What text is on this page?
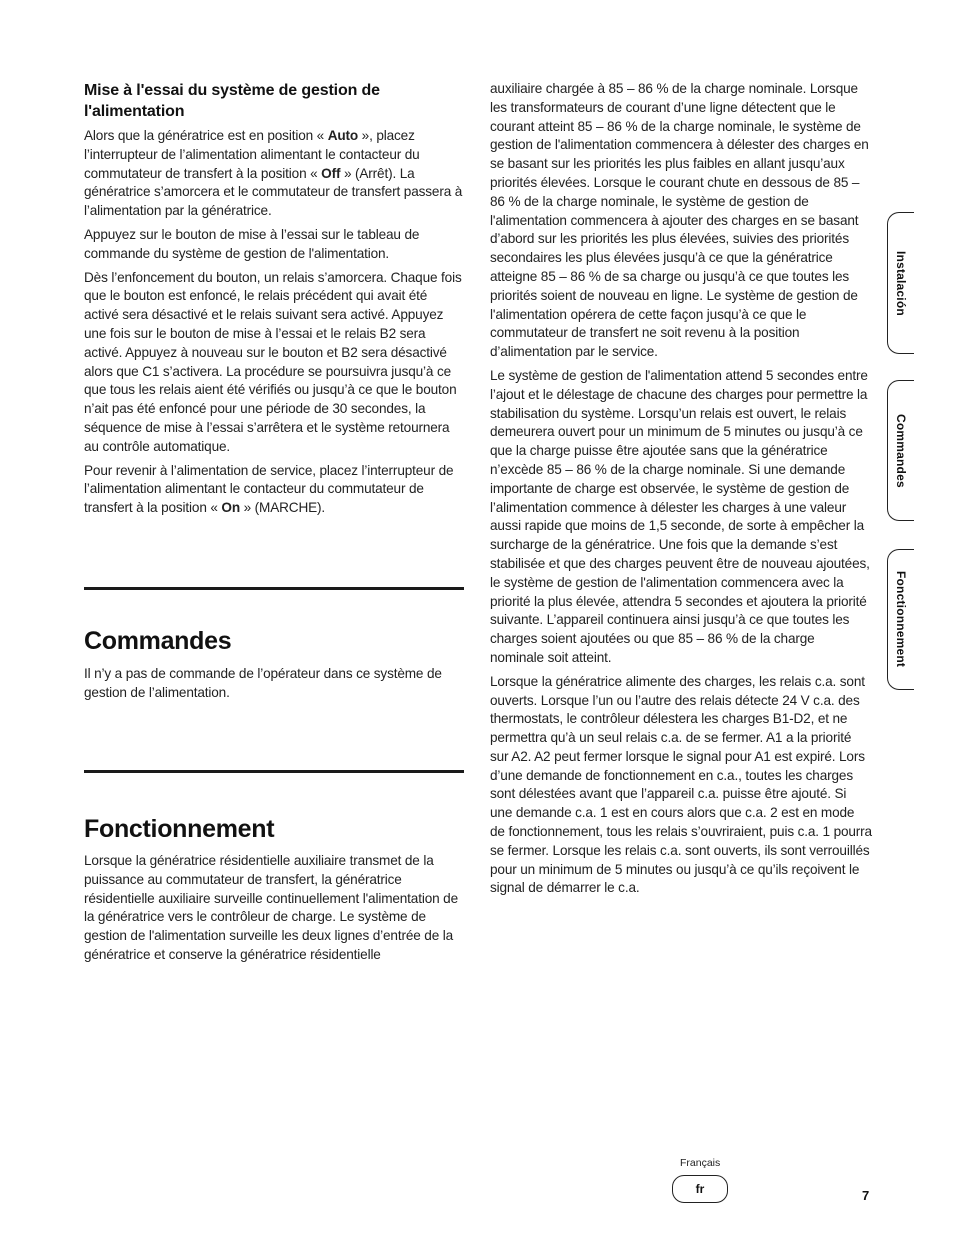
Mise à l'essai du système de gestion de l'alimentation

Alors que la génératrice est en position « Auto », placez l’interrupteur de l’alimentation alimentant le contacteur du commutateur de transfert à la position « Off » (Arrêt). La génératrice s’amorcera et le commutateur de transfert passera à l’alimentation par la génératrice.

Appuyez sur le bouton de mise à l’essai sur le tableau de commande du système de gestion de l'alimentation.

Dès l’enfoncement du bouton, un relais s’amorcera. Chaque fois que le bouton est enfoncé, le relais précédent qui avait été activé sera désactivé et le relais suivant sera activé. Appuyez une fois sur le bouton de mise à l’essai et le relais B2 sera activé. Appuyez à nouveau sur le bouton et B2 sera désactivé alors que C1 s’activera. La procédure se poursuivra jusqu’à ce que tous les relais aient été vérifiés ou jusqu’à ce que le bouton n’ait pas été enfoncé pour une période de 30 secondes, la séquence de mise à l’essai s’arrêtera et le système retournera au contrôle automatique.

Pour revenir à l’alimentation de service, placez l’interrupteur de l’alimentation alimentant le contacteur du commutateur de transfert à la position « On » (MARCHE).

Commandes

Il n’y a pas de commande de l’opérateur dans ce système de gestion de l’alimentation.

Fonctionnement

Lorsque la génératrice résidentielle auxiliaire transmet de la puissance au commutateur de transfert, la génératrice résidentielle auxiliaire surveille continuellement l'alimentation de la génératrice vers le contrôleur de charge. Le système de gestion de l'alimentation surveille les deux lignes d’entrée de la génératrice et conserve la génératrice résidentielle

auxiliaire chargée à 85 – 86 % de la charge nominale. Lorsque les transformateurs de courant d’une ligne détectent que le courant atteint 85 – 86 % de la charge nominale, le système de gestion de l'alimentation commencera à délester des charges en se basant sur les priorités les plus faibles en allant jusqu’aux priorités élevées. Lorsque le courant chute en dessous de 85 – 86 % de la charge nominale, le système de gestion de l'alimentation commencera à ajouter des charges en se basant d’abord sur les priorités les plus élevées, suivies des priorités secondaires les plus élevées jusqu’à ce que la génératrice atteigne 85 – 86 % de sa charge ou jusqu’à ce que toutes les priorités soient de nouveau en ligne. Le système de gestion de l'alimentation opérera de cette façon jusqu’à ce que le commutateur de transfert ne soit revenu à la position d’alimentation par le service.

Le système de gestion de l'alimentation attend 5 secondes entre l’ajout et le délestage de chacune des charges pour permettre la stabilisation du système. Lorsqu’un relais est ouvert, le relais demeurera ouvert pour un minimum de 5 minutes ou jusqu’à ce que la charge puisse être ajoutée sans que la génératrice n’excède 85 – 86 % de la charge nominale. Si une demande importante de charge est observée, le système de gestion de l’alimentation commence à délester les charges à une valeur aussi rapide que moins de 1,5 seconde, de sorte à empêcher la surcharge de la génératrice. Une fois que la demande s’est stabilisée et que des charges peuvent être de nouveau ajoutées, le système de gestion de l'alimentation commencera avec la priorité la plus élevée, attendra 5 secondes et ajoutera la priorité suivante. L’appareil continuera ainsi jusqu’à ce que toutes les charges soient ajoutées ou que 85 – 86 % de la charge nominale soit atteint.

Lorsque la génératrice alimente des charges, les relais c.a. sont ouverts. Lorsque l’un ou l’autre des relais détecte 24 V c.a. des thermostats, le contrôleur délestera les charges B1-D2, et ne permettra qu’à un seul relais c.a. de se fermer. A1 a la priorité sur A2. A2 peut fermer lorsque le signal pour A1 est expiré. Lors d’une demande de fonctionnement en c.a., toutes les charges sont délestées avant que l’appareil c.a. puisse être ajouté. Si une demande c.a. 1 est en cours alors que c.a. 2 est en mode de fonctionnement, tous les relais s’ouvriraient, puis c.a. 1 pourra se fermer. Lorsque les relais c.a. sont ouverts, ils sont verrouillés pour un minimum de 5 minutes ou jusqu’à ce qu’ils reçoivent le signal de démarrer le c.a.

Instalación
Commandes
Fonctionnement
Français
fr	7
